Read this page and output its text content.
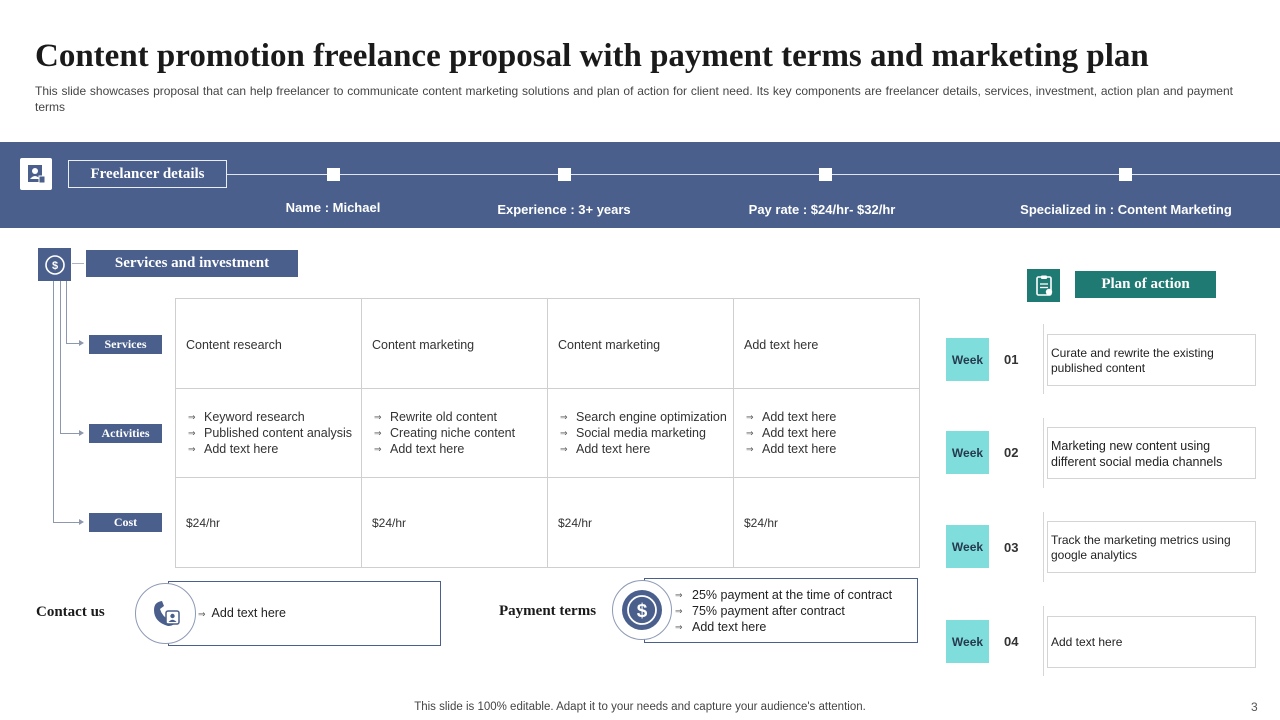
Content promotion freelance proposal with payment terms and marketing plan
This slide showcases proposal that can help freelancer to communicate content marketing solutions and plan of action for client need. Its key components are freelancer details, services, investment, action plan and payment terms
Freelancer details
Name : Michael	Experience : 3+ years	Pay rate : $24/hr- $32/hr	Specialized in : Content Marketing
$	Services and investment
Services
Activities
Cost
Content research	Content marketing	Content marketing	Add text here
⇒ Keyword research
⇒ Published content analysis
⇒ Add text here
⇒ Rewrite old content
⇒ Creating niche content
⇒ Add text here
⇒ Search engine optimization
⇒ Social media marketing
⇒ Add text here
⇒ Add text here
⇒ Add text here
⇒ Add text here
$24/hr	$24/hr	$24/hr	$24/hr
Contact us
⇒	Add text here	Payment terms $
⇒ 25% payment at the time of contract
⇒ 75% payment after contract
⇒ Add text here
Plan of action
Week	01	Curate and rewrite the existing published content
Week	02	Marketing new content using different social media channels
Week	03	Track the marketing metrics using google analytics
Week	04	Add text here
This slide is 100% editable. Adapt it to your needs and capture your audience's attention.	3
